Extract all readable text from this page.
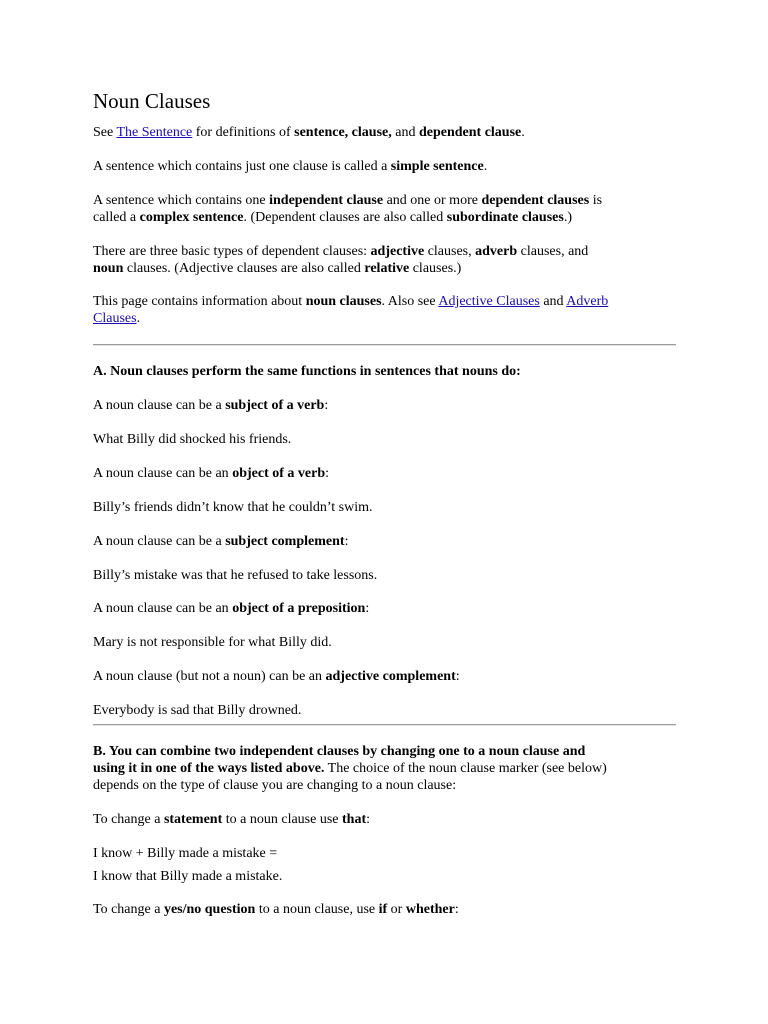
Noun Clauses
See The Sentence for definitions of sentence, clause, and dependent clause.
A sentence which contains just one clause is called a simple sentence.
A sentence which contains one independent clause and one or more dependent clauses is
called a complex sentence. (Dependent clauses are also called subordinate clauses.)
There are three basic types of dependent clauses: adjective clauses, adverb clauses, and
noun clauses. (Adjective clauses are also called relative clauses.)
This page contains information about noun clauses. Also see Adjective Clauses and Adverb
Clauses.
A. Noun clauses perform the same functions in sentences that nouns do:
A noun clause can be a subject of a verb:
What Billy did shocked his friends.
A noun clause can be an object of a verb:
Billy’s friends didn’t know that he couldn’t swim.
A noun clause can be a subject complement:
Billy’s mistake was that he refused to take lessons.
A noun clause can be an object of a preposition:
Mary is not responsible for what Billy did.
A noun clause (but not a noun) can be an adjective complement:
Everybody is sad that Billy drowned.
B. You can combine two independent clauses by changing one to a noun clause and
using it in one of the ways listed above. The choice of the noun clause marker (see below)
depends on the type of clause you are changing to a noun clause:
To change a statement to a noun clause use that:
I know + Billy made a mistake =
I know that Billy made a mistake.
To change a yes/no question to a noun clause, use if or whether:
